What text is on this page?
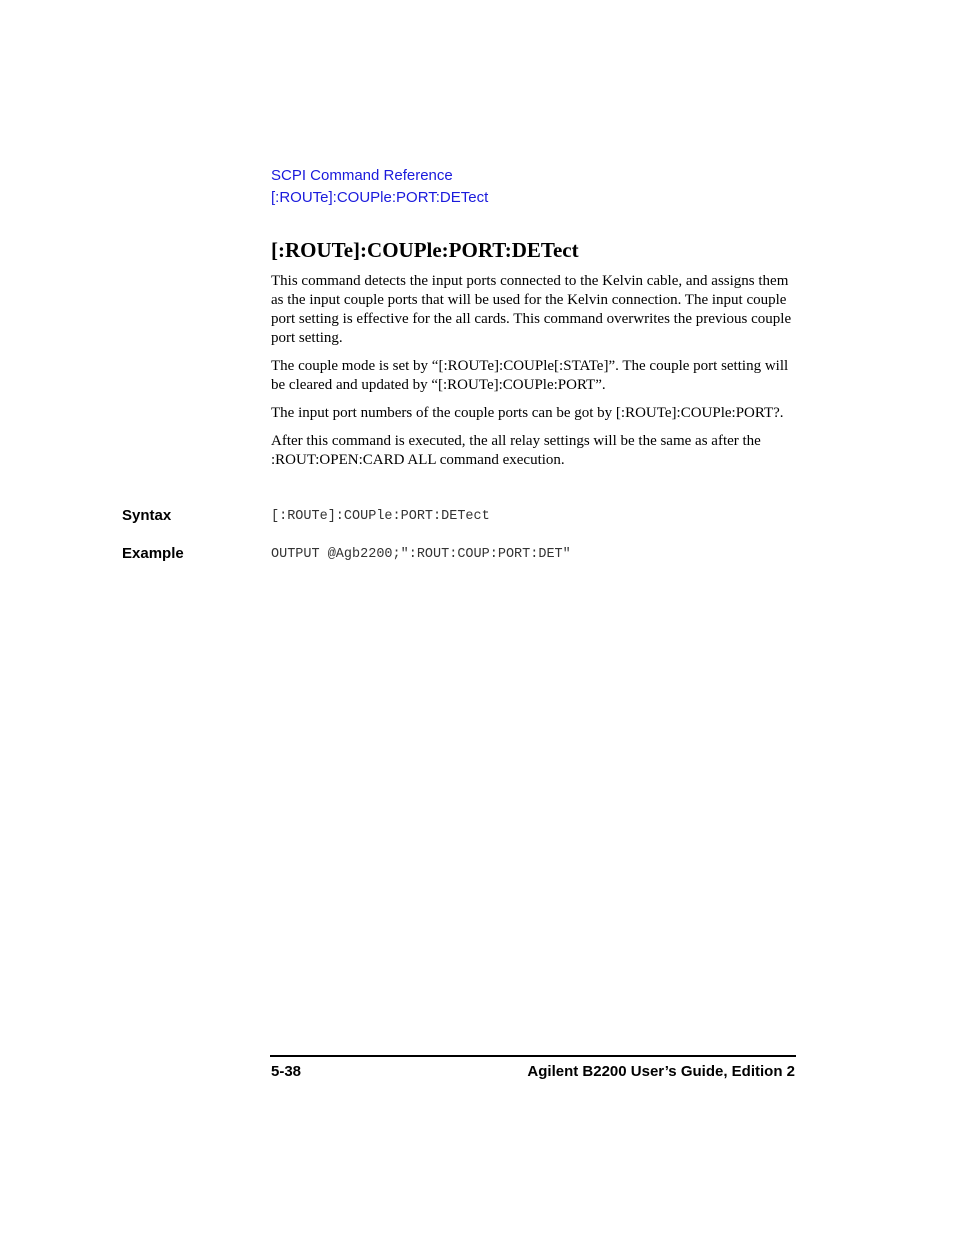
SCPI Command Reference
[:ROUTe]:COUPle:PORT:DETect
[:ROUTe]:COUPle:PORT:DETect

This command detects the input ports connected to the Kelvin cable, and assigns them as the input couple ports that will be used for the Kelvin connection. The input couple port setting is effective for the all cards. This command overwrites the previous couple port setting.

The couple mode is set by “[:ROUTe]:COUPle[:STATe]”. The couple port setting will be cleared and updated by “[:ROUTe]:COUPle:PORT”.

The input port numbers of the couple ports can be got by [:ROUTe]:COUPle:PORT?.

After this command is executed, the all relay settings will be the same as after the :ROUT:OPEN:CARD ALL command execution.

Syntax	[:ROUTe]:COUPle:PORT:DETect
Example	OUTPUT @Agb2200;":ROUT:COUP:PORT:DET"
5-38	Agilent B2200 User’s Guide, Edition 2
